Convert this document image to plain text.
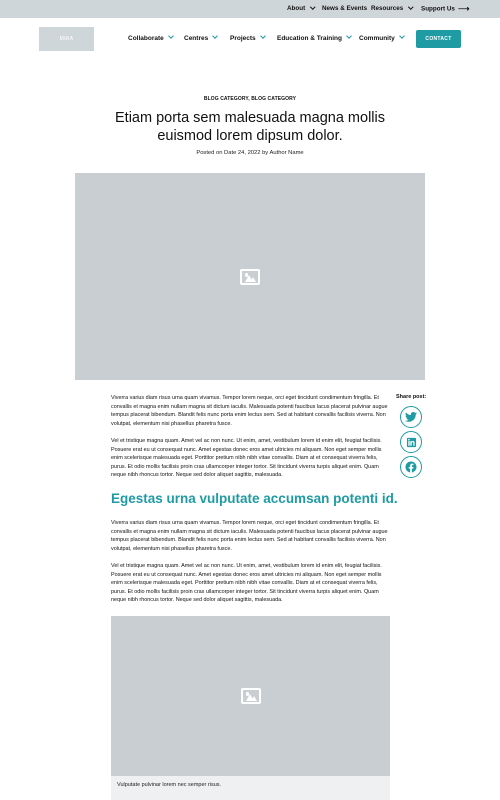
About	News & Events Resources	Support Us ⟶
MIRA	Collaborate	Centres	Projects	Education & Training	Community	CONTACT
BLOG CATEGORY, BLOG CATEGORY
Etiam porta sem malesuada magna mollis euismod lorem dipsum dolor.
Posted on Date 24, 2022 by Author Name

Viverra varius diam risus urna quam vivamus. Tempor lorem neque, orci eget tincidunt condimentum fringilla. Et convallis et magna enim nullam magna sit dictum iaculis. Malesuada potenti faucibus lacus placerat pulvinar augue tempus placerat bibendum. Blandit felis nunc porta enim lectus sem. Sed at habitant convallis facilisis viverra. Non volutpat, elementum nisi phasellus pharetra fusce.

Vel et tristique magna quam. Amet vel ac non nunc. Ut enim, amet, vestibulum lorem id enim elit, feugiat facilisis. Posuere erat eu ut consequat nunc. Amet egestas donec eros amet ultricies mi aliquam. Non eget semper mollis enim scelerisque malesuada eget. Porttitor pretium nibh nibh vitae convallis. Diam at et consequat viverra felis, purus. Et odio mollis facilisis proin cras ullamcorper integer tortor. Sit tincidunt viverra turpis aliquet enim. Quam neque nibh rhoncus tortor. Neque sed dolor aliquet sagittis, malesuada.

Egestas urna vulputate accumsan potenti id.

Viverra varius diam risus urna quam vivamus. Tempor lorem neque, orci eget tincidunt condimentum fringilla. Et convallis et magna enim nullam magna sit dictum iaculis. Malesuada potenti faucibus lacus placerat pulvinar augue tempus placerat bibendum. Blandit felis nunc porta enim lectus sem. Sed at habitant convallis facilisis viverra. Non volutpat, elementum nisi phasellus pharetra fusce.

Vel et tristique magna quam. Amet vel ac non nunc. Ut enim, amet, vestibulum lorem id enim elit, feugiat facilisis. Posuere erat eu ut consequat nunc. Amet egestas donec eros amet ultricies mi aliquam. Non eget semper mollis enim scelerisque malesuada eget. Porttitor pretium nibh nibh vitae convallis. Diam at et consequat viverra felis, purus. Et odio mollis facilisis proin cras ullamcorper integer tortor. Sit tincidunt viverra turpis aliquet enim. Quam neque nibh rhoncus tortor. Neque sed dolor aliquet sagittis, malesuada.

Share post:
Vulputate pulvinar lorem nec semper risus.
